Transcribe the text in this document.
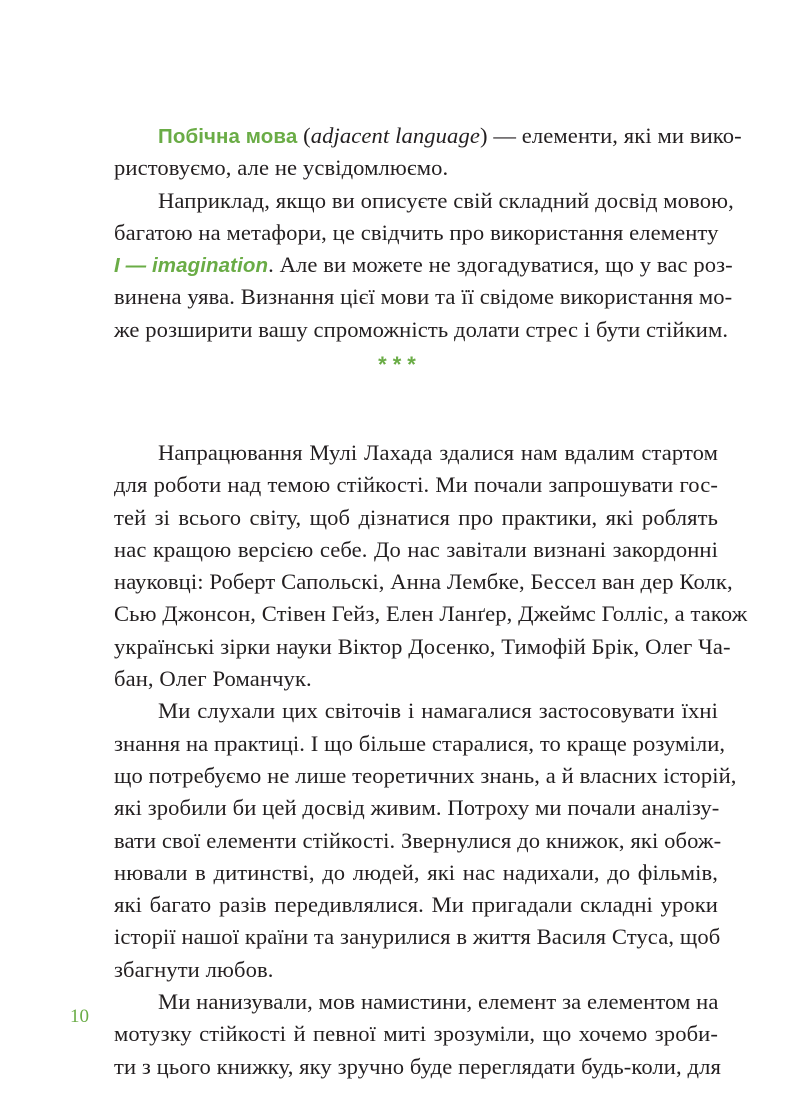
Побічна мова (adjacent language) — елементи, які ми вико-
ристовуємо, але не усвідомлюємо.
Наприклад, якщо ви описуєте свій складний досвід мовою,
багатою на метафори, це свідчить про використання елементу
I — imagination. Але ви можете не здогадуватися, що у вас роз-
винена уява. Визнання цієї мови та її свідоме використання мо-
же розширити вашу спроможність долати стрес і бути стійким.
***
Напрацювання Мулі Лахада здалися нам вдалим стартом
для роботи над темою стійкості. Ми почали запрошувати гос-
тей зі всього світу, щоб дізнатися про практики, які роблять
нас кращою версією себе. До нас завітали визнані закордонні
науковці: Роберт Сапольскі, Анна Лембке, Бессел ван дер Колк,
Сью Джонсон, Стівен Гейз, Елен Ланґер, Джеймс Голліс, а також
українські зірки науки Віктор Досенко, Тимофій Брік, Олег Ча-
бан, Олег Романчук.
Ми слухали цих світочів і намагалися застосовувати їхні
знання на практиці. І що більше старалися, то краще розуміли,
що потребуємо не лише теоретичних знань, а й власних історій,
які зробили би цей досвід живим. Потроху ми почали аналізу-
вати свої елементи стійкості. Звернулися до книжок, які обож-
нювали в дитинстві, до людей, які нас надихали, до фільмів,
які багато разів передивлялися. Ми пригадали складні уроки
історії нашої країни та занурилися в життя Василя Стуса, щоб
збагнути любов.
Ми нанизували, мов намистини, елемент за елементом на
мотузку стійкості й певної миті зрозуміли, що хочемо зроби-
ти з цього книжку, яку зручно буде переглядати будь-коли, для
10
